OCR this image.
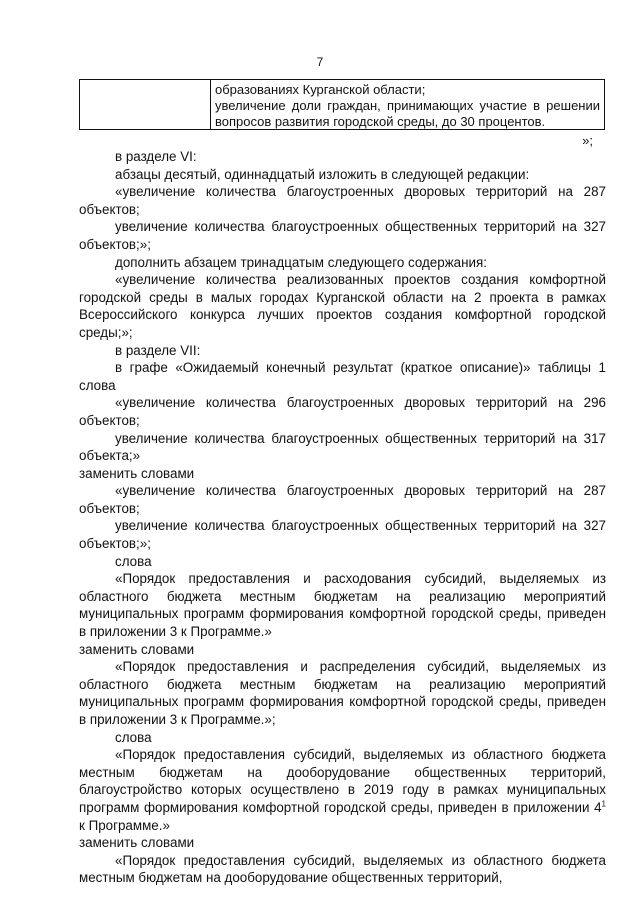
7
образованиях Курганской области;
увеличение доли граждан, принимающих участие в решении
вопросов развития городской среды, до 30 процентов.
»;

в разделе VI:

абзацы десятый, одиннадцатый изложить в следующей редакции:

«увеличение количества благоустроенных дворовых территорий на 287 объектов;

увеличение количества благоустроенных общественных территорий на 327 объектов;»;

дополнить абзацем тринадцатым следующего содержания:

«увеличение количества реализованных проектов создания комфортной городской среды в малых городах Курганской области на 2 проекта в рамках Всероссийского конкурса лучших проектов создания комфортной городской среды;»;

в разделе VII:

в графе «Ожидаемый конечный результат (краткое описание)» таблицы 1 слова

«увеличение количества благоустроенных дворовых территорий на 296 объектов;

увеличение количества благоустроенных общественных территорий на 317 объекта;»

заменить словами

«увеличение количества благоустроенных дворовых территорий на 287 объектов;

увеличение количества благоустроенных общественных территорий на 327 объектов;»;

слова

«Порядок предоставления и расходования субсидий, выделяемых из областного бюджета местным бюджетам на реализацию мероприятий муниципальных программ формирования комфортной городской среды, приведен в приложении 3 к Программе.»

заменить словами

«Порядок предоставления и распределения субсидий, выделяемых из областного бюджета местным бюджетам на реализацию мероприятий муниципальных программ формирования комфортной городской среды, приведен в приложении 3 к Программе.»;

слова

«Порядок предоставления субсидий, выделяемых из областного бюджета местным бюджетам на дооборудование общественных территорий, благоустройство которых осуществлено в 2019 году в рамках муниципальных программ формирования комфортной городской среды, приведен в приложении $4^1$ к Программе.»

заменить словами

«Порядок предоставления субсидий, выделяемых из областного бюджета местным бюджетам на дооборудование общественных территорий,
